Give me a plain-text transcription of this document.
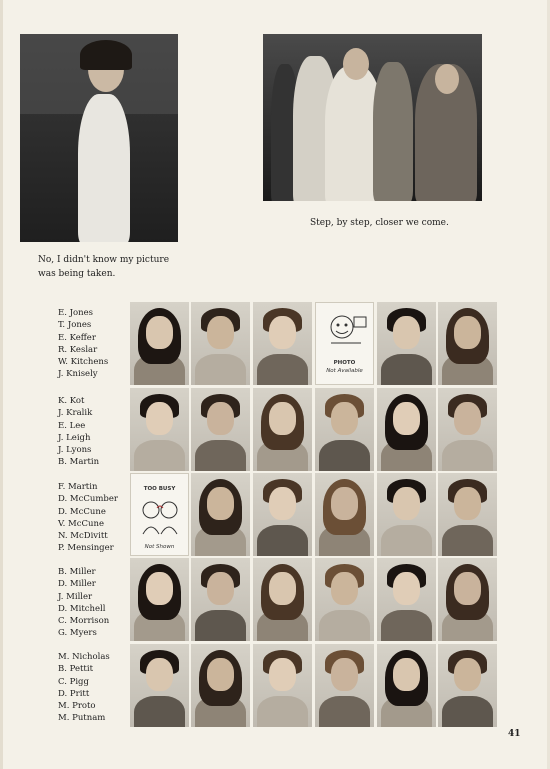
Step, by step, closer we come.
No, I didn't know my picture was being taken.
E. Jones
T. Jones
E. Keffer
R. Keslar
W. Kitchens
J. Knisely
K. Kot
J. Kralik
E. Lee
J. Leigh
J. Lyons
B. Martin
F. Martin
D. McCumber
D. McCune
V. McCune
N. McDivitt
P. Mensinger
B. Miller
D. Miller
J. Miller
D. Mitchell
C. Morrison
G. Myers
M. Nicholas
B. Pettit
C. Pigg
D. Pritt
M. Proto
M. Putnam
PHOTO
Not Available
TOO BUSY
Not Shown
41
